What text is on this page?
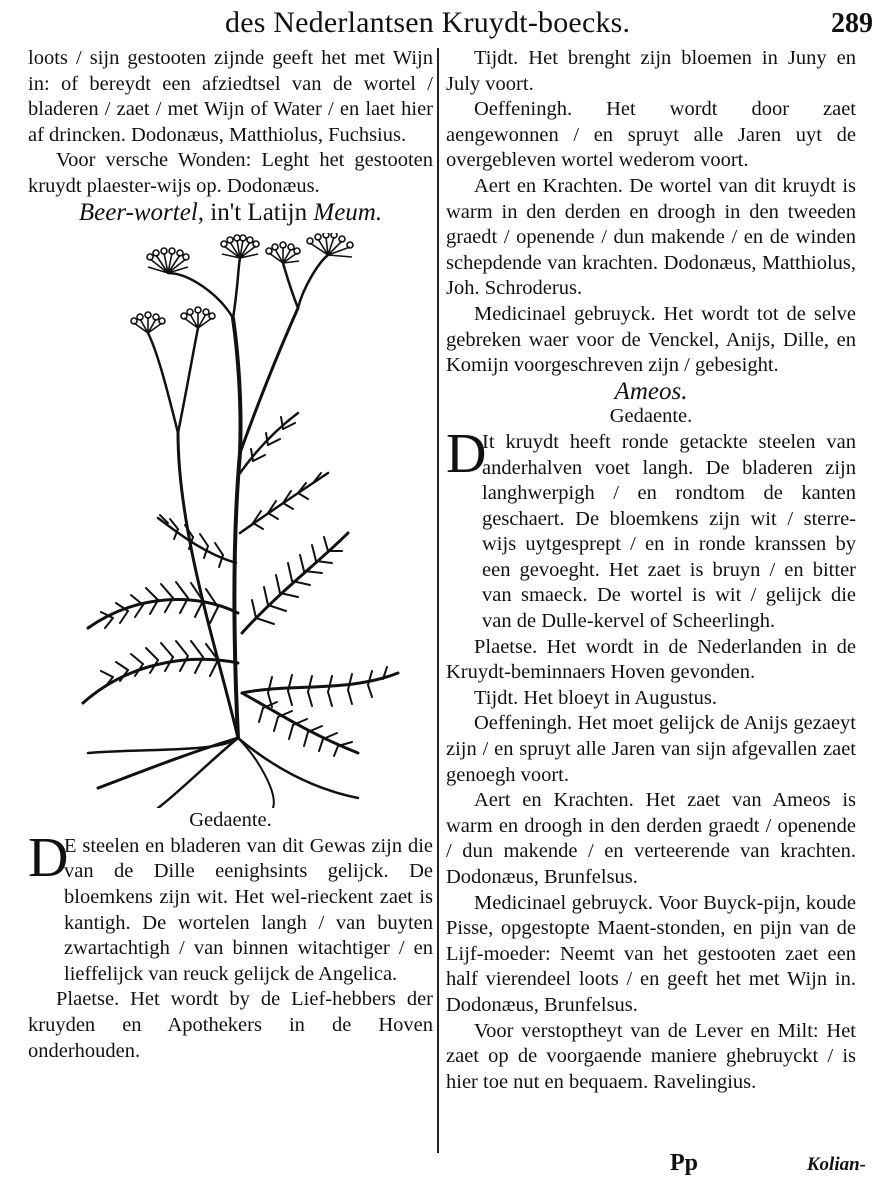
des Nederlantsen Kruydt-boecks.	289

loots / sijn gestooten zijnde geeft het met Wijn in: of bereydt een afziedtsel van de wortel / bladeren / zaet / met Wijn of Water / en laet hier af drincken. Dodonæus, Matthiolus, Fuchsius.

Voor versche Wonden: Leght het gestooten kruydt plaester-wijs op. Dodonæus.

Beer-wortel, in't Latijn Meum.

Gedaente.

D
E steelen en bladeren van dit Gewas zijn die van de Dille eenighsints gelijck. De bloemkens zijn wit. Het wel-rieckent zaet is kantigh. De wortelen langh / van buyten zwartachtigh / van binnen witachtiger / en lieffelijck van reuck gelijck de Angelica.

Plaetse. Het wordt by de Lief-hebbers der kruyden en Apothekers in de Hoven onderhouden.

Tijdt. Het brenght zijn bloemen in Juny en July voort.

Oeffeningh. Het wordt door zaet aengewonnen / en spruyt alle Jaren uyt de overgebleven wortel wederom voort.

Aert en Krachten. De wortel van dit kruydt is warm in den derden en droogh in den tweeden graedt / openende / dun makende / en de winden schepdende van krachten. Dodonæus, Matthiolus, Joh. Schroderus.

Medicinael gebruyck. Het wordt tot de selve gebreken waer voor de Venckel, Anijs, Dille, en Komijn voorgeschreven zijn / gebesight.

Ameos.

Gedaente.

D
It kruydt heeft ronde getackte steelen van anderhalven voet langh. De bladeren zijn langhwerpigh / en rondtom de kanten geschaert. De bloemkens zijn wit / sterre-wijs uytgesprept / en in ronde kranssen by een gevoeght. Het zaet is bruyn / en bitter van smaeck. De wortel is wit / gelijck die van de Dulle-kervel of Scheerlingh.

Plaetse. Het wordt in de Nederlanden in de Kruydt-beminnaers Hoven gevonden.

Tijdt. Het bloeyt in Augustus.

Oeffeningh. Het moet gelijck de Anijs gezaeyt zijn / en spruyt alle Jaren van sijn afgevallen zaet genoegh voort.

Aert en Krachten. Het zaet van Ameos is warm en droogh in den derden graedt / openende / dun makende / en verteerende van krachten. Dodonæus, Brunfelsus.

Medicinael gebruyck. Voor Buyck-pijn, koude Pisse, opgestopte Maent-stonden, en pijn van de Lijf-moeder: Neemt van het gestooten zaet een half vierendeel loots / en geeft het met Wijn in. Dodonæus, Brunfelsus.

Voor verstoptheyt van de Lever en Milt: Het zaet op de voorgaende maniere ghebruyckt / is hier toe nut en bequaem. Ravelingius.

Pp	Kolian-
